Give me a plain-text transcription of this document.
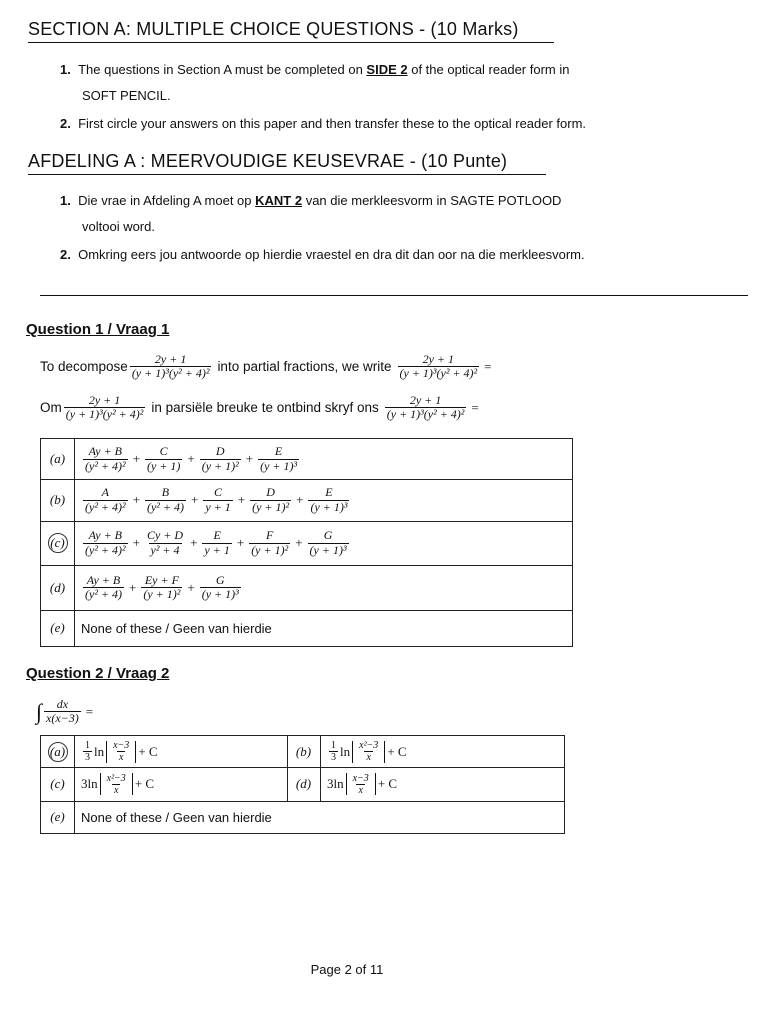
SECTION A: MULTIPLE CHOICE QUESTIONS - (10 Marks)
1. The questions in Section A must be completed on SIDE 2 of the optical reader form in
SOFT PENCIL.
2. First circle your answers on this paper and then transfer these to the optical reader form.
AFDELING A : MEERVOUDIGE KEUSEVRAE - (10 Punte)
1. Die vrae in Afdeling A moet op KANT 2 van die merkleesvorm in SAGTE POTLOOD
voltooi word.
2. Omkring eers jou antwoorde op hierdie vraestel en dra dit dan oor na die merkleesvorm.
Question 1 / Vraag 1
To decompose $\frac{2y + 1}{\text{(y + 1)³(y² + 4)²}}$ into partial fractions, we write $\frac{2y + 1}{\text{(y + 1)³(y² + 4)²}}$ =
Om $\frac{2y + 1}{\text{(y + 1)³(y² + 4)²}}$ in parsiële breuke te ontbind skryf ons $\frac{2y + 1}{\text{(y + 1)³(y² + 4)²}}$ =
$(a) \frac{Ay + B}{\text{(y² + 4)²}} + \frac{C}{(y + 1)} + \frac{D}{\text{(y + 1)²}} + \frac{E}{\text{(y + 1)³}}$
$(b) \frac{A}{\text{(y² + 4)²}} + \frac{B}{\text{(y² + 4)}} + \frac{C}{y + 1} + \frac{D}{\text{(y + 1)²}} + \frac{E}{\text{(y + 1)³}}$
$(c) \frac{Ay + B}{\text{(y² + 4)²}} + \frac{Cy + D}{\text{y² + 4}} + \frac{E}{y + 1} + \frac{F}{\text{(y + 1)²}} + \frac{G}{\text{(y + 1)³}}$
$(d) \frac{Ay + B}{\text{(y² + 4)}} + \frac{Ey + F}{\text{(y + 1)²}} + \frac{G}{\text{(y + 1)³}}$
(e) None of these / Geen van hierdie
Question 2 / Vraag 2
∫ $\frac{dx}{x(x-3)}$ =
$(a) \frac{1}{3}$ $\ln \frac{x-3}{x} + C$	$(b) \frac{1}{3}$ $\ln \frac{\text{x²−3}}{x} + C$
(c) 3 $\ln \frac{\text{x²−3}}{x} + C$	(d) 3 $\ln \frac{x-3}{x} + C$
(e) None of these / Geen van hierdie
Page 2 of 11
